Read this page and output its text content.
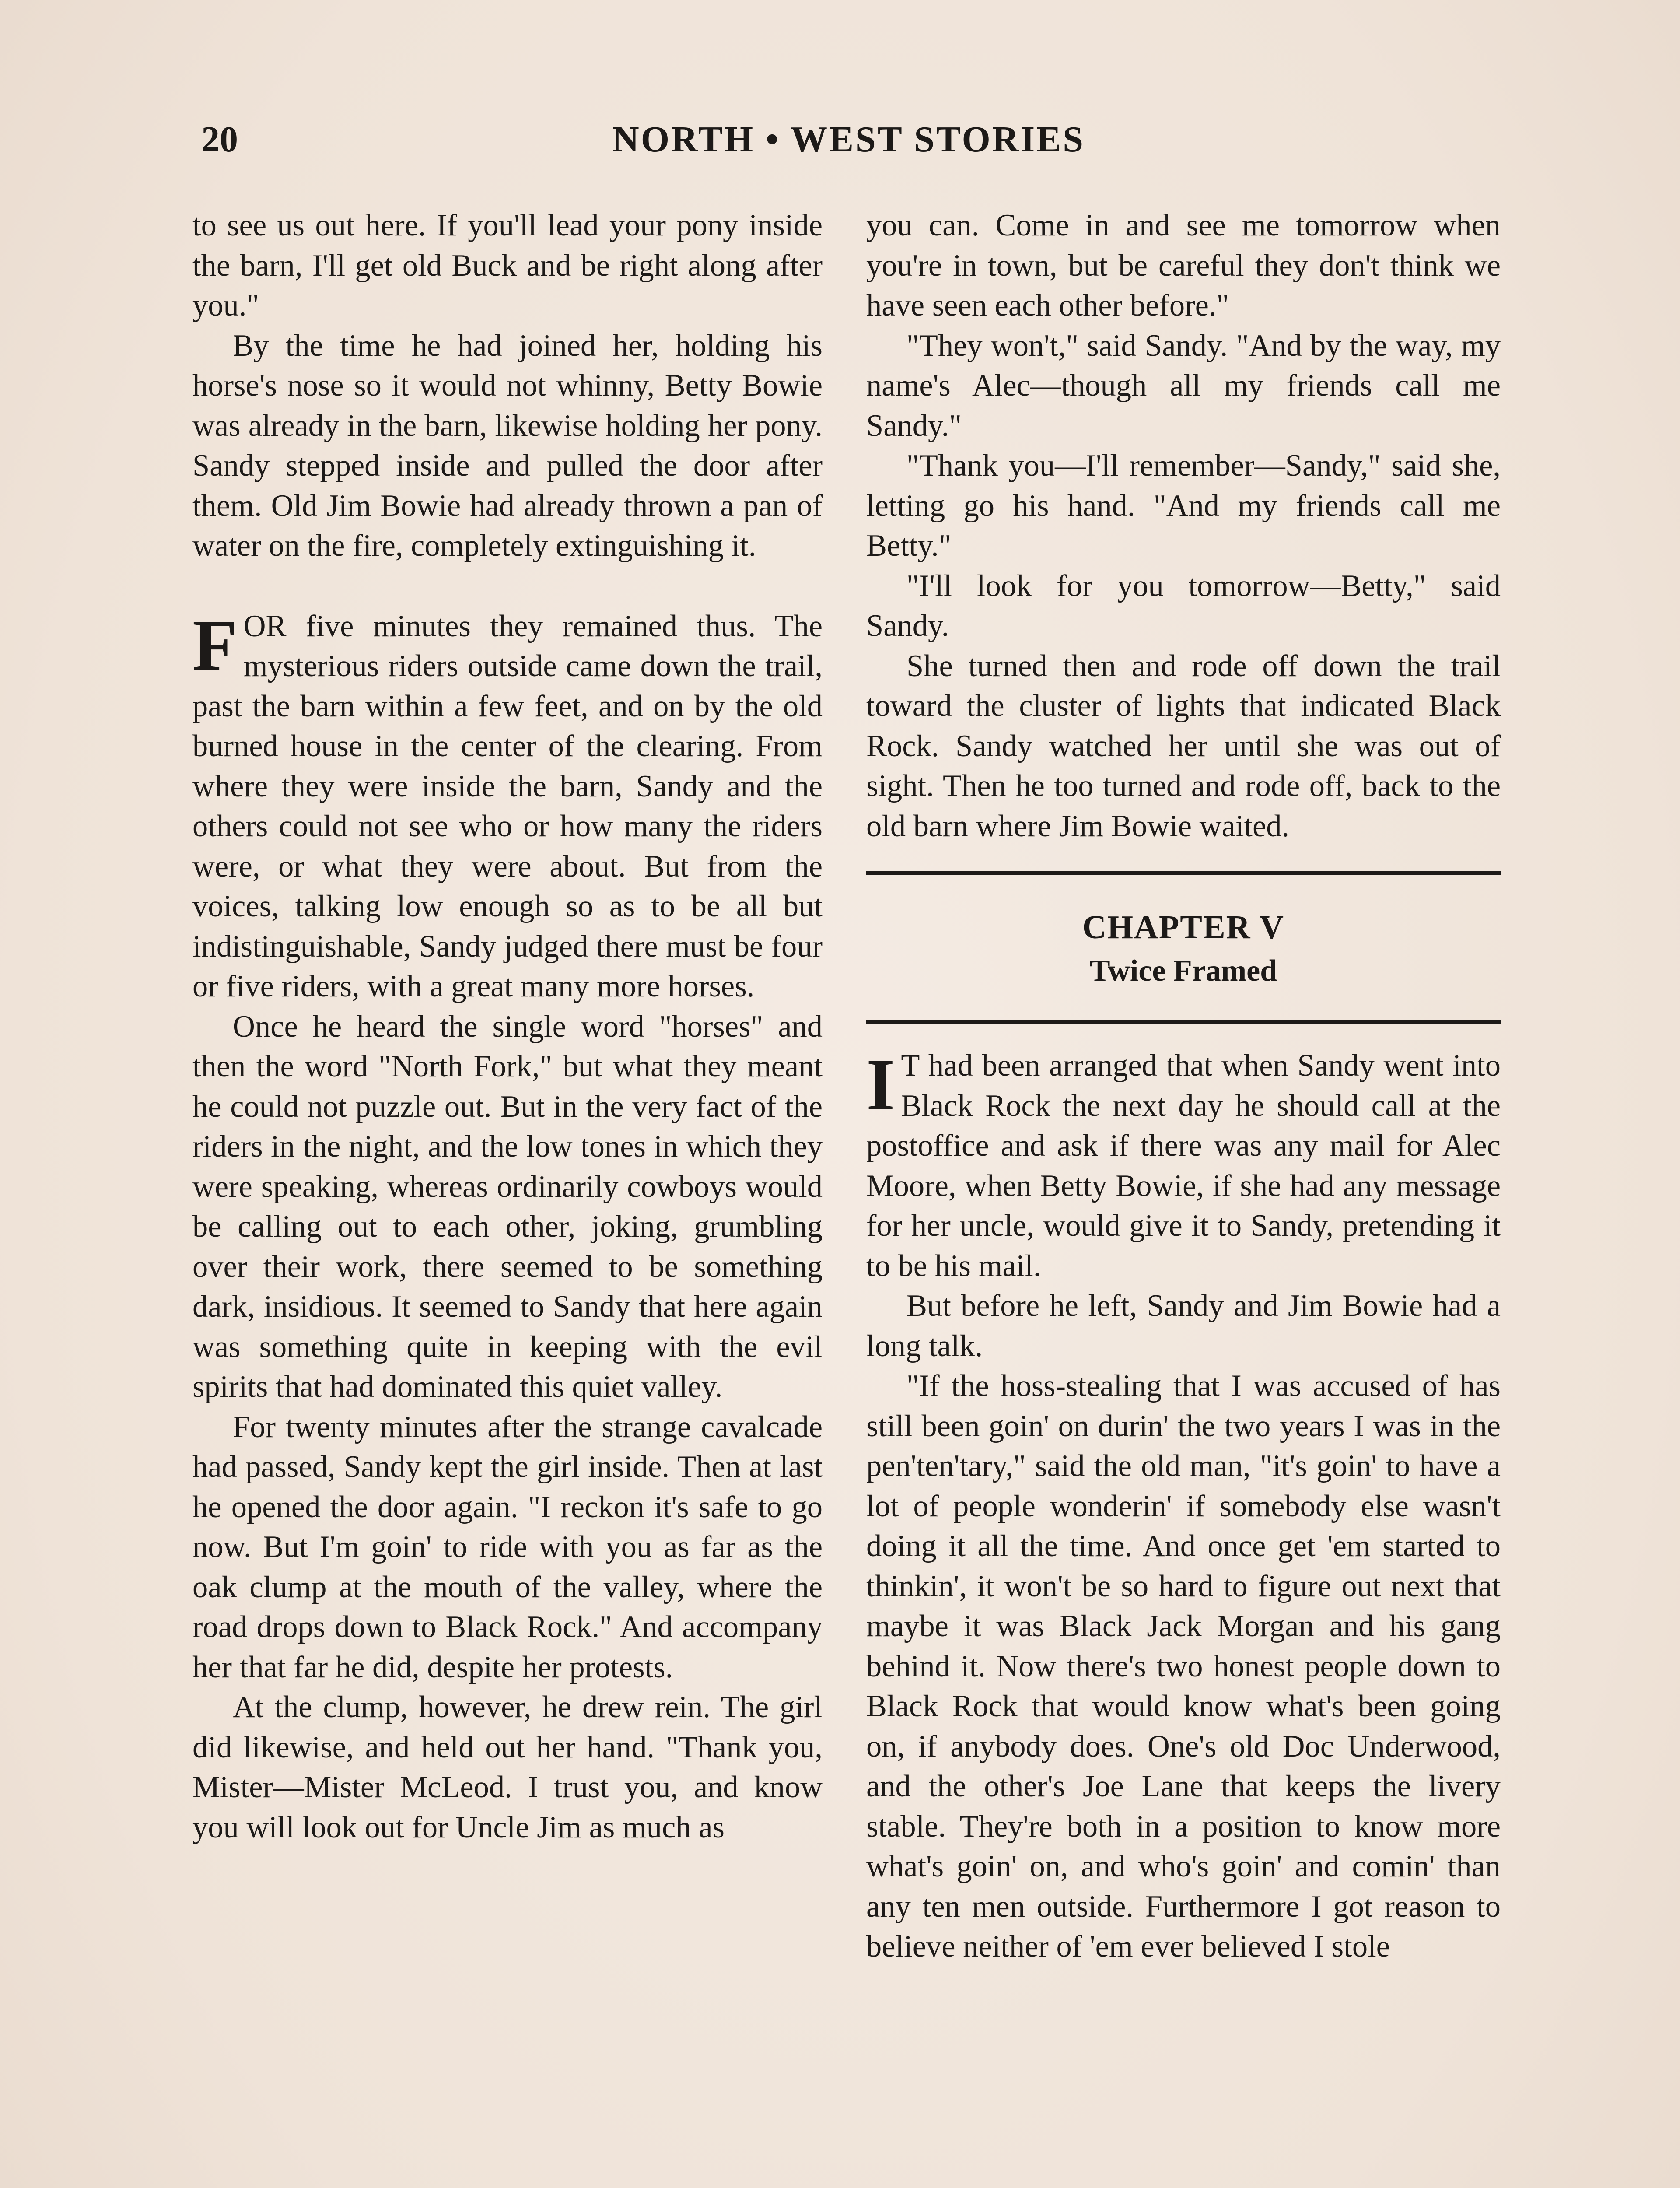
20	NORTH • WEST STORIES

to see us out here. If you'll lead your pony inside the barn, I'll get old Buck and be right along after you."

By the time he had joined her, holding his horse's nose so it would not whinny, Betty Bowie was already in the barn, likewise holding her pony. Sandy stepped inside and pulled the door after them. Old Jim Bowie had already thrown a pan of water on the fire, completely extinguishing it.

FOR five minutes they remained thus. The mysterious riders outside came down the trail, past the barn within a few feet, and on by the old burned house in the center of the clearing. From where they were inside the barn, Sandy and the others could not see who or how many the riders were, or what they were about. But from the voices, talking low enough so as to be all but indistinguishable, Sandy judged there must be four or five riders, with a great many more horses.

Once he heard the single word "horses" and then the word "North Fork," but what they meant he could not puzzle out. But in the very fact of the riders in the night, and the low tones in which they were speaking, whereas ordinarily cowboys would be calling out to each other, joking, grumbling over their work, there seemed to be something dark, insidious. It seemed to Sandy that here again was something quite in keeping with the evil spirits that had dominated this quiet valley.

For twenty minutes after the strange cavalcade had passed, Sandy kept the girl inside. Then at last he opened the door again. "I reckon it's safe to go now. But I'm goin' to ride with you as far as the oak clump at the mouth of the valley, where the road drops down to Black Rock." And accompany her that far he did, despite her protests.

At the clump, however, he drew rein. The girl did likewise, and held out her hand. "Thank you, Mister—Mister McLeod. I trust you, and know you will look out for Uncle Jim as much as

you can. Come in and see me tomorrow when you're in town, but be careful they don't think we have seen each other before."

"They won't," said Sandy. "And by the way, my name's Alec—though all my friends call me Sandy."

"Thank you—I'll remember—Sandy," said she, letting go his hand. "And my friends call me Betty."

"I'll look for you tomorrow—Betty," said Sandy.

She turned then and rode off down the trail toward the cluster of lights that indicated Black Rock. Sandy watched her until she was out of sight. Then he too turned and rode off, back to the old barn where Jim Bowie waited.

CHAPTER V
Twice Framed

I T had been arranged that when Sandy went into Black Rock the next day he should call at the postoffice and ask if there was any mail for Alec Moore, when Betty Bowie, if she had any message for her uncle, would give it to Sandy, pretending it to be his mail.

But before he left, Sandy and Jim Bowie had a long talk.

"If the hoss-stealing that I was accused of has still been goin' on durin' the two years I was in the pen'ten'tary," said the old man, "it's goin' to have a lot of people wonderin' if somebody else wasn't doing it all the time. And once get 'em started to thinkin', it won't be so hard to figure out next that maybe it was Black Jack Morgan and his gang behind it. Now there's two honest people down to Black Rock that would know what's been going on, if anybody does. One's old Doc Underwood, and the other's Joe Lane that keeps the livery stable. They're both in a position to know more what's goin' on, and who's goin' and comin' than any ten men outside. Furthermore I got reason to believe neither of 'em ever believed I stole
